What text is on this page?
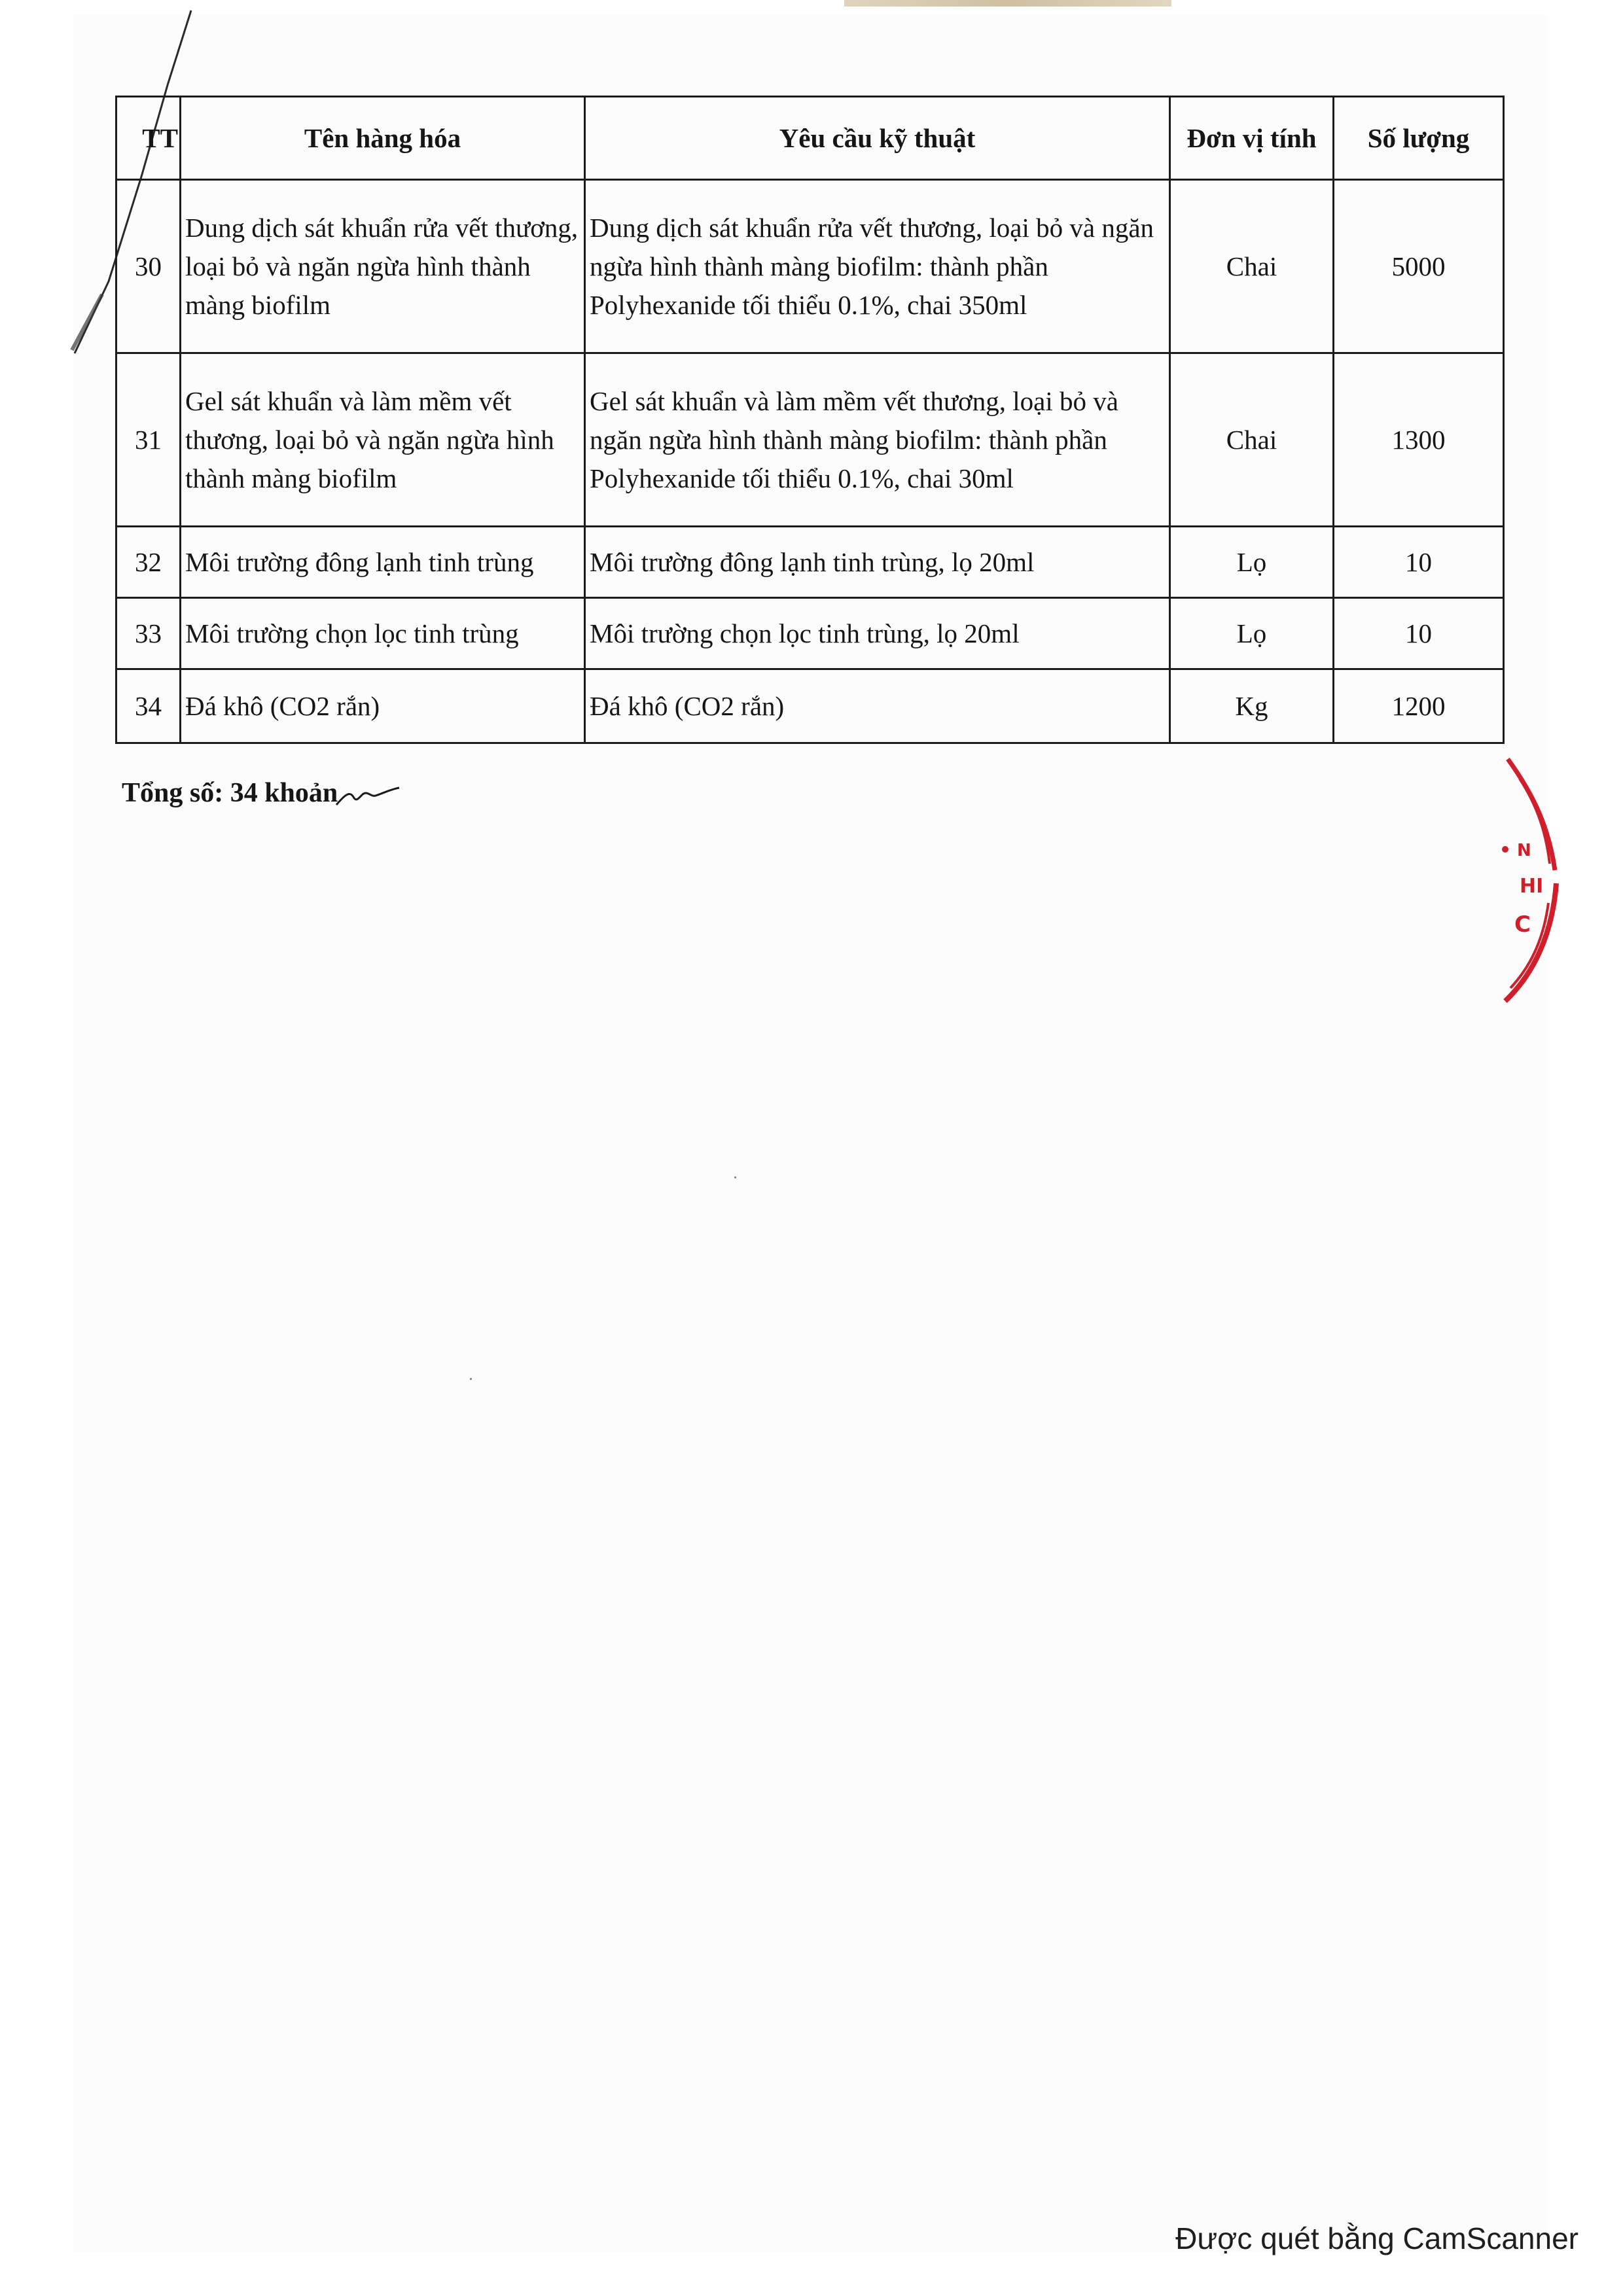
TT	Tên hàng hóa	Yêu cầu kỹ thuật	Đơn vị tính	Số lượng
30	Dung dịch sát khuẩn rửa vết thương, loại bỏ và ngăn ngừa hình thành màng biofilm	Dung dịch sát khuẩn rửa vết thương, loại bỏ và ngăn ngừa hình thành màng biofilm: thành phần Polyhexanide tối thiểu 0.1%, chai 350ml	Chai	5000
31	Gel sát khuẩn và làm mềm vết thương, loại bỏ và ngăn ngừa hình thành màng biofilm	Gel sát khuẩn và làm mềm vết thương, loại bỏ và ngăn ngừa hình thành màng biofilm: thành phần Polyhexanide tối thiểu 0.1%, chai 30ml	Chai	1300
32	Môi trường đông lạnh tinh trùng	Môi trường đông lạnh tinh trùng, lọ 20ml	Lọ	10
33	Môi trường chọn lọc tinh trùng	Môi trường chọn lọc tinh trùng, lọ 20ml	Lọ	10
34	Đá khô (CO2 rắn)	Đá khô (CO2 rắn)	Kg	1200
Tổng số: 34 khoản
N
HI
C
Được quét bằng CamScanner
